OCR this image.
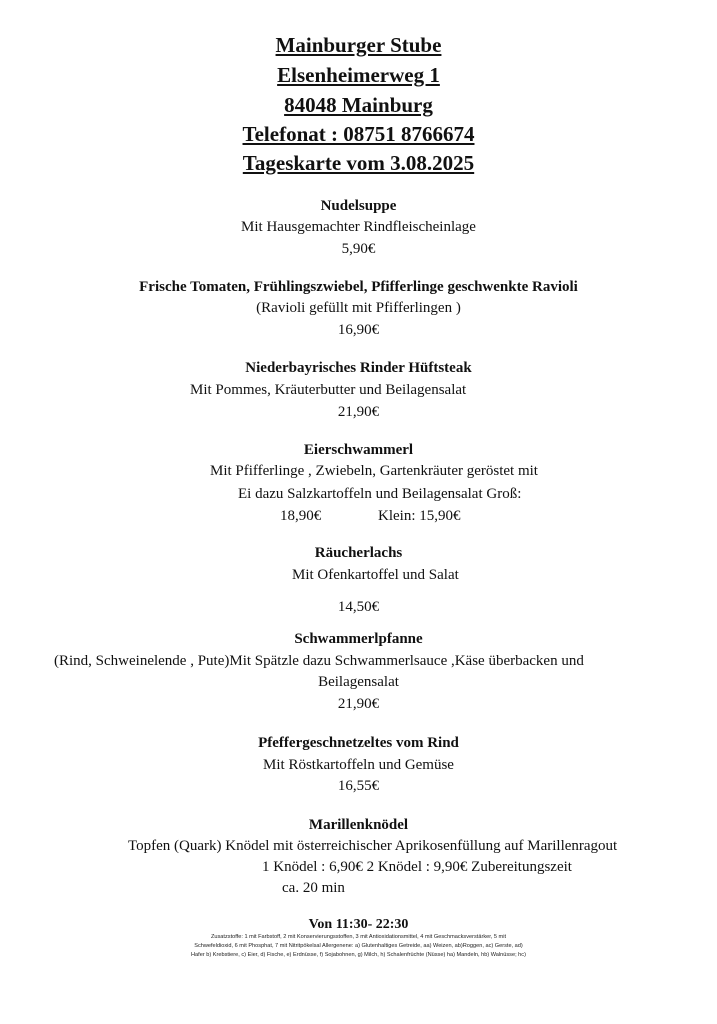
Mainburger Stube
Elsenheimerweg 1
84048 Mainburg
Telefonat : 08751 8766674
Tageskarte vom 3.08.2025
Nudelsuppe
Mit Hausgemachter Rindfleischeinlage
5,90€
Frische Tomaten, Frühlingszwiebel, Pfifferlinge geschwenkte Ravioli
(Ravioli gefüllt mit Pfifferlingen )
16,90€
Niederbayrisches Rinder Hüftsteak
Mit Pommes, Kräuterbutter und Beilagensalat
21,90€
Eierschwammerl
Mit Pfifferlinge , Zwiebeln, Gartenkräuter geröstet mit
Ei dazu Salzkartoffeln und Beilagensalat Groß:
18,90€	Klein: 15,90€
Räucherlachs
Mit Ofenkartoffel und Salat
14,50€
Schwammerlpfanne
(Rind, Schweinelende , Pute)Mit Spätzle dazu Schwammerlsauce ,Käse überbacken und
Beilagensalat
21,90€
Pfeffergeschnetzeltes vom Rind
Mit Röstkartoffeln und Gemüse
16,55€
Marillenknödel
Topfen (Quark) Knödel mit österreichischer Aprikosenfüllung auf Marillenragout
1 Knödel : 6,90€ 2 Knödel : 9,90€ Zubereitungszeit
ca. 20 min
Von 11:30- 22:30
Zusatzstoffe: 1 mit Farbstoff, 2 mit Konservierungsstoffen, 3 mit Antioxidationsmittel, 4 mit Geschmacksverstärker, 5 mit
Schwefeldioxid, 6 mit Phosphat, 7 mit Nitritpökelsal Allergenene: a) Glutenhaltiges Getreide, aa) Weizen, ab)Roggen, ac) Gerste, ad)
Hafer b) Krebstiere, c) Eier, d) Fische, e) Erdnüsse, f) Sojabohnen, g) Milch, h) Schalenfrüchte (Nüsse) ha) Mandeln, hb) Walnüsse; hc)
